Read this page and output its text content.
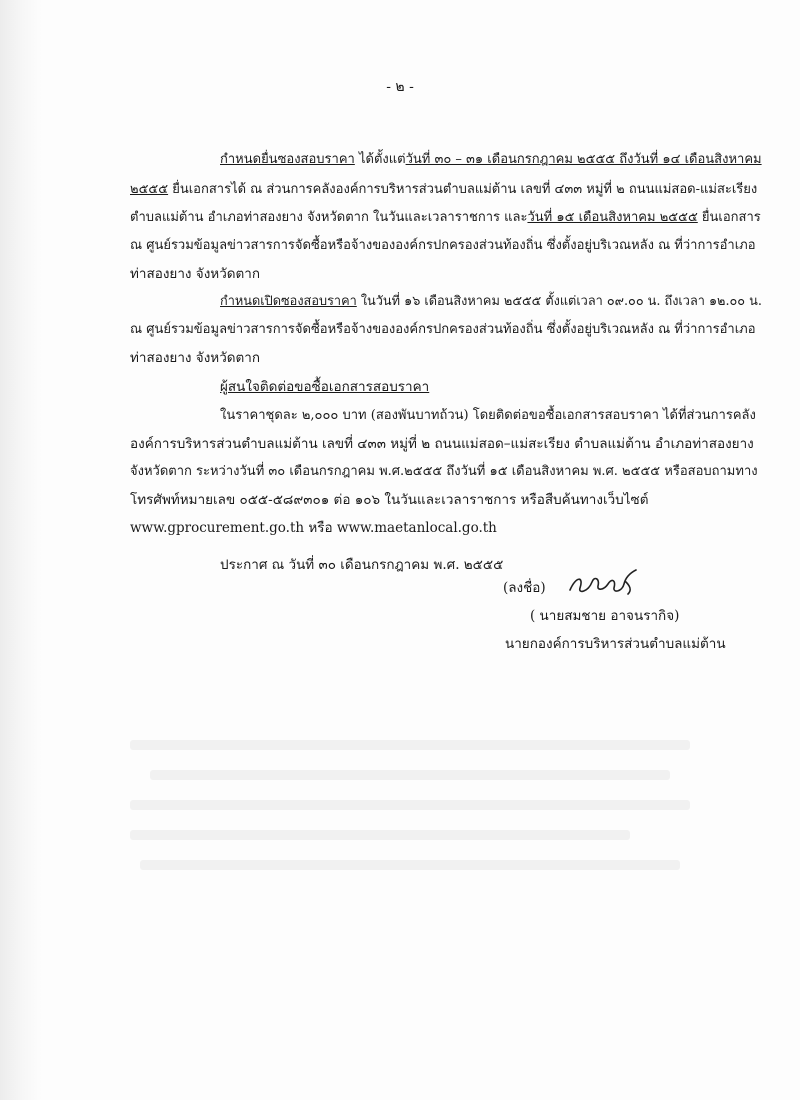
- ๒ -
กำหนดยื่นซองสอบราคา ได้ตั้งแต่วันที่ ๓๐ – ๓๑ เดือนกรกฎาคม ๒๕๕๕ ถึงวันที่ ๑๔ เดือนสิงหาคม
๒๕๕๕ ยื่นเอกสารได้ ณ ส่วนการคลังองค์การบริหารส่วนตำบลแม่ต้าน เลขที่ ๔๓๓ หมู่ที่ ๒ ถนนแม่สอด-แม่สะเรียง
ตำบลแม่ต้าน อำเภอท่าสองยาง จังหวัดตาก ในวันและเวลาราชการ และวันที่ ๑๕ เดือนสิงหาคม ๒๕๕๕ ยื่นเอกสาร
ณ ศูนย์รวมข้อมูลข่าวสารการจัดซื้อหรือจ้างขององค์กรปกครองส่วนท้องถิ่น ซึ่งตั้งอยู่บริเวณหลัง ณ ที่ว่าการอำเภอ
ท่าสองยาง จังหวัดตาก
กำหนดเปิดซองสอบราคา ในวันที่ ๑๖ เดือนสิงหาคม ๒๕๕๕ ตั้งแต่เวลา ๐๙.๐๐ น. ถึงเวลา ๑๒.๐๐ น.
ณ ศูนย์รวมข้อมูลข่าวสารการจัดซื้อหรือจ้างขององค์กรปกครองส่วนท้องถิ่น ซึ่งตั้งอยู่บริเวณหลัง ณ ที่ว่าการอำเภอ
ท่าสองยาง จังหวัดตาก
ผู้สนใจติดต่อขอซื้อเอกสารสอบราคา
ในราคาชุดละ ๒,๐๐๐ บาท (สองพันบาทถ้วน) โดยติดต่อขอซื้อเอกสารสอบราคา ได้ที่ส่วนการคลัง
องค์การบริหารส่วนตำบลแม่ต้าน เลขที่ ๔๓๓ หมู่ที่ ๒ ถนนแม่สอด–แม่สะเรียง ตำบลแม่ต้าน อำเภอท่าสองยาง
จังหวัดตาก ระหว่างวันที่ ๓๐ เดือนกรกฎาคม พ.ศ.๒๕๕๕ ถึงวันที่ ๑๕ เดือนสิงหาคม พ.ศ. ๒๕๕๕ หรือสอบถามทาง
โทรศัพท์หมายเลข ๐๕๕-๕๘๙๓๐๑ ต่อ ๑๐๖ ในวันและเวลาราชการ หรือสืบค้นทางเว็บไซต์
www.gprocurement.go.th หรือ www.maetanlocal.go.th
ประกาศ ณ วันที่ ๓๐ เดือนกรกฎาคม พ.ศ. ๒๕๕๕
(ลงชื่อ)
( นายสมชาย อาจนรากิจ)
นายกองค์การบริหารส่วนตำบลแม่ต้าน
